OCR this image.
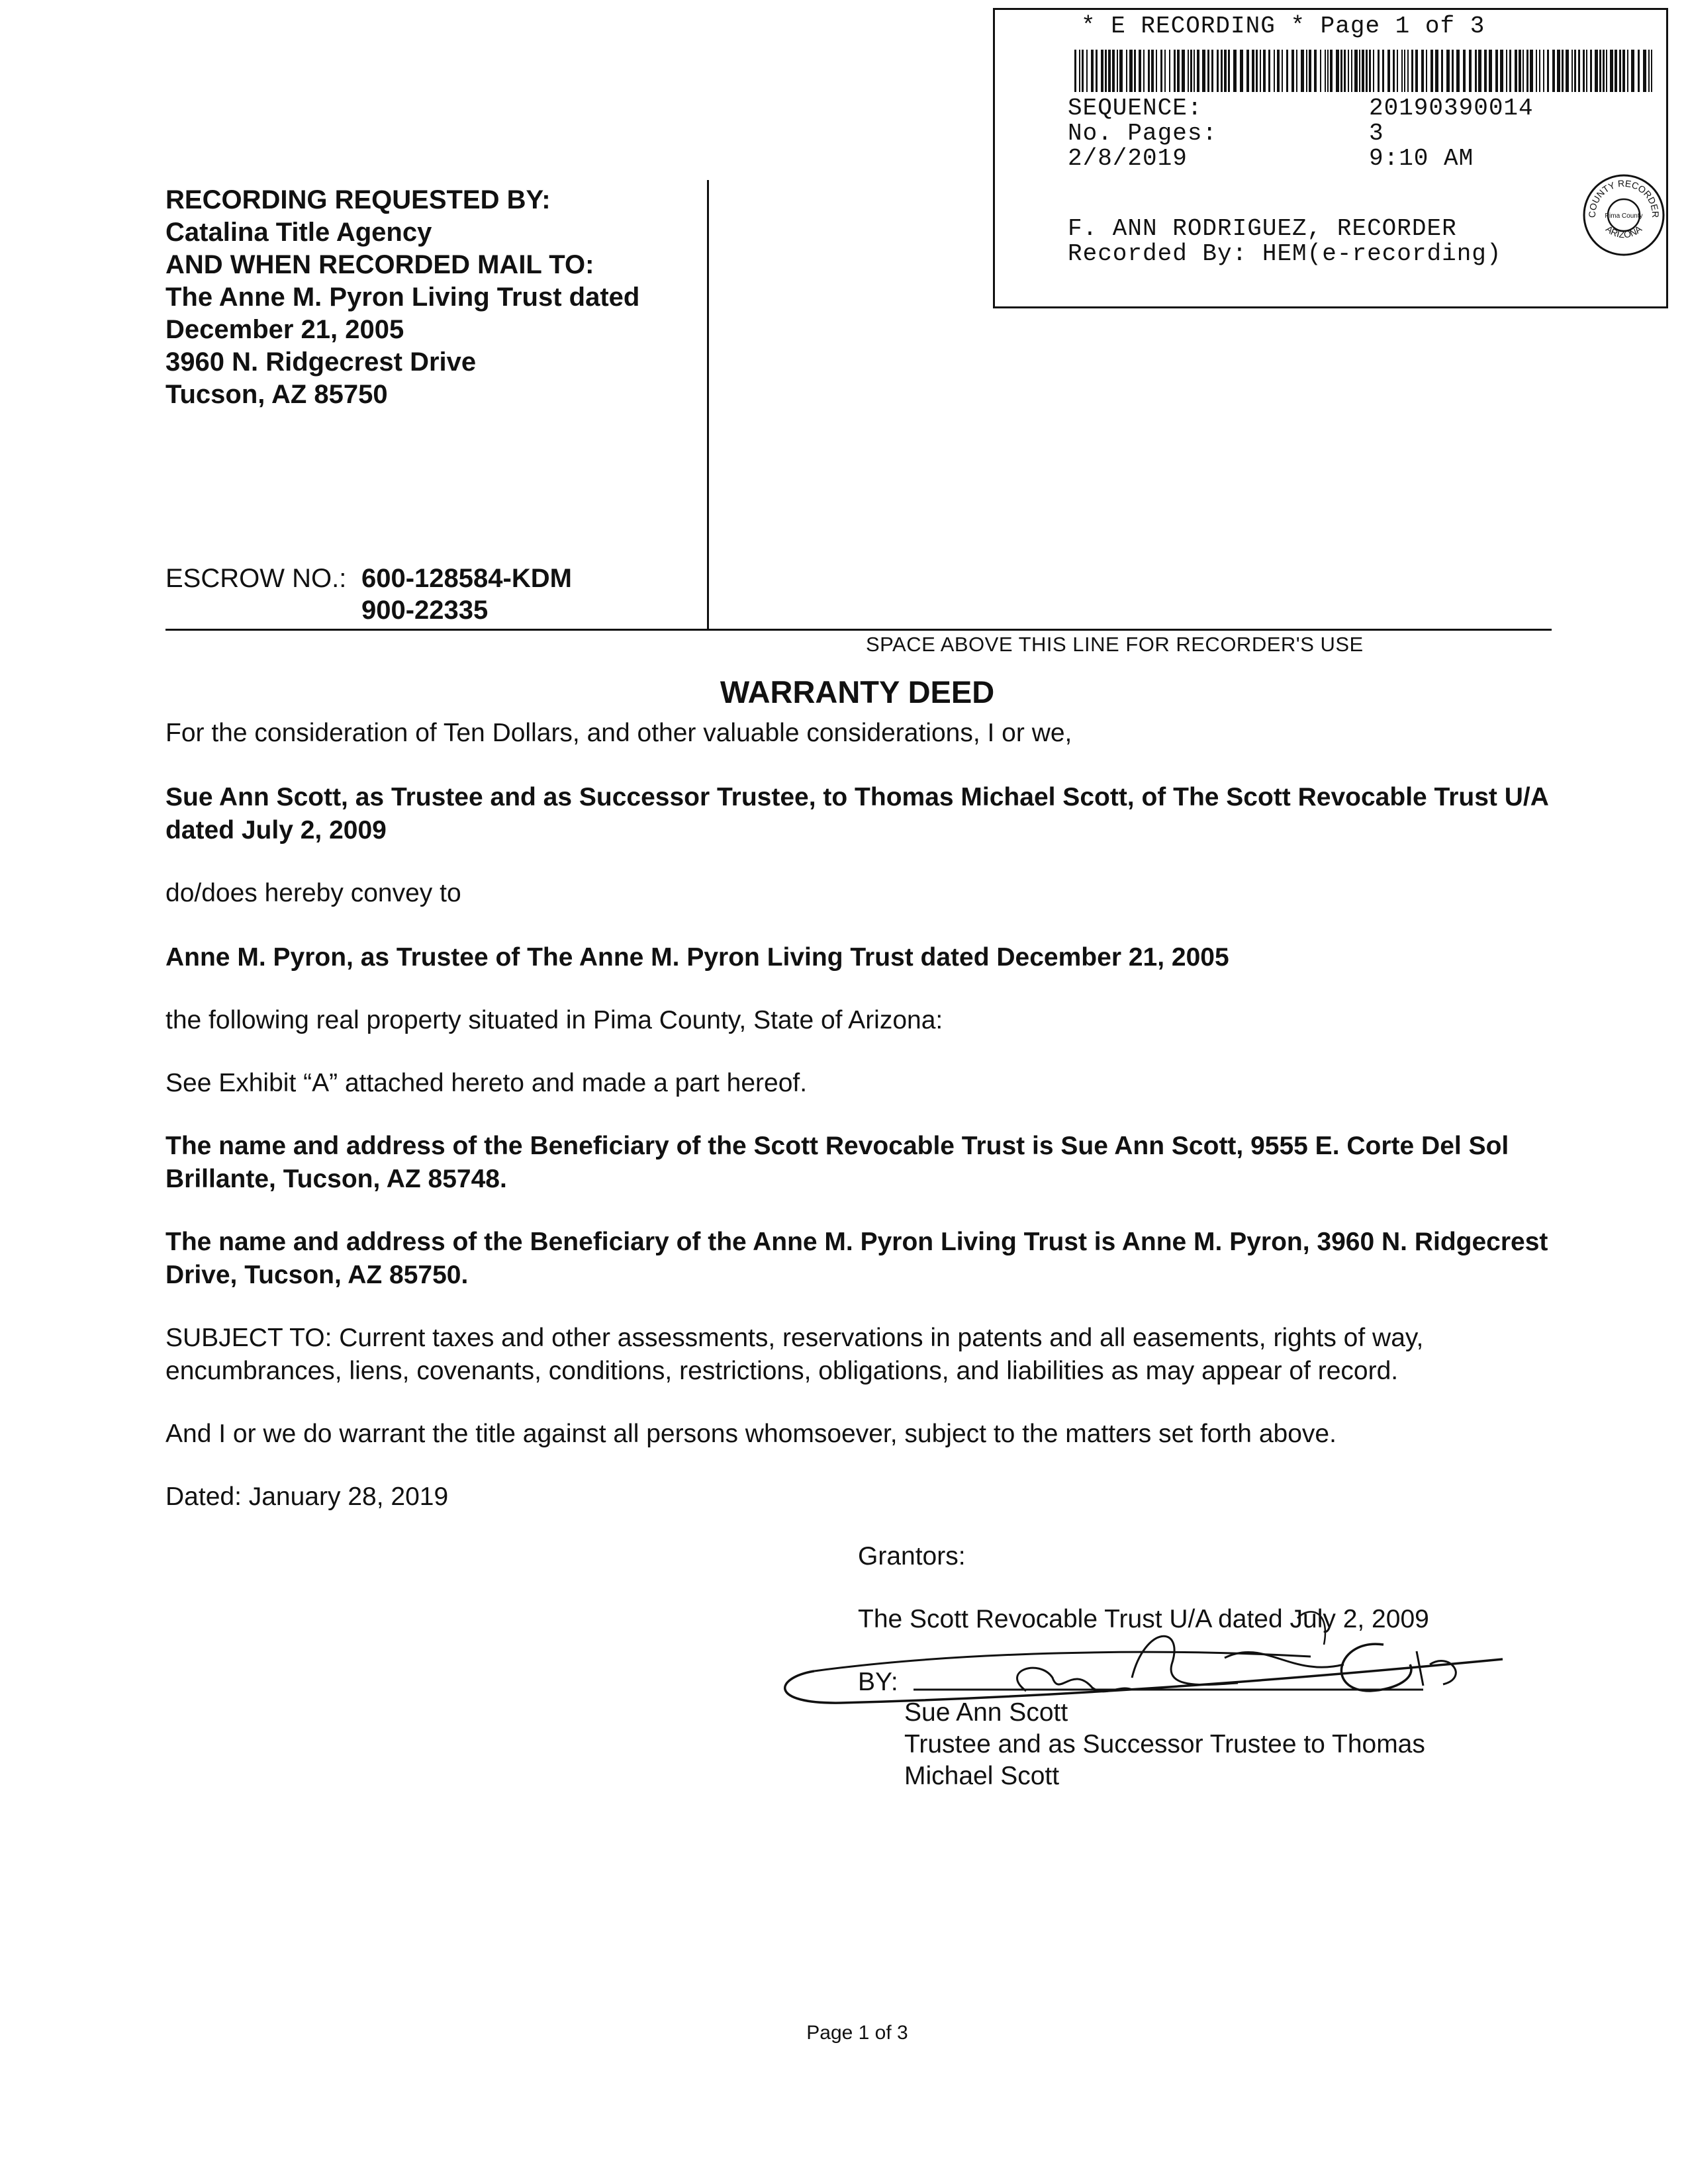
* E RECORDING * Page 1 of 3
SEQUENCE:	20190390014
No. Pages:	3
2/8/2019	9:10 AM
F. ANN RODRIGUEZ, RECORDER
Recorded By: HEM(e-recording)
COUNTY RECORDER
ARIZONA
Pima County
RECORDING REQUESTED BY:
Catalina Title Agency
AND WHEN RECORDED MAIL TO:
The Anne M. Pyron Living Trust dated
December 21, 2005
3960 N. Ridgecrest Drive
Tucson, AZ 85750
ESCROW NO.: 600-128584-KDM
900-22335
SPACE ABOVE THIS LINE FOR RECORDER'S USE
WARRANTY DEED
For the consideration of Ten Dollars, and other valuable considerations, I or we,
Sue Ann Scott, as Trustee and as Successor Trustee, to Thomas Michael Scott, of The Scott Revocable Trust U/A dated July 2, 2009
do/does hereby convey to
Anne M. Pyron, as Trustee of The Anne M. Pyron Living Trust dated December 21, 2005
the following real property situated in Pima County, State of Arizona:
See Exhibit “A” attached hereto and made a part hereof.
The name and address of the Beneficiary of the Scott Revocable Trust is Sue Ann Scott, 9555 E. Corte Del Sol Brillante, Tucson, AZ 85748.
The name and address of the Beneficiary of the Anne M. Pyron Living Trust is Anne M. Pyron, 3960 N. Ridgecrest Drive, Tucson, AZ 85750.
SUBJECT TO: Current taxes and other assessments, reservations in patents and all easements, rights of way, encumbrances, liens, covenants, conditions, restrictions, obligations, and liabilities as may appear of record.
And I or we do warrant the title against all persons whomsoever, subject to the matters set forth above.
Dated: January 28, 2019
Grantors:
The Scott Revocable Trust U/A dated July 2, 2009
BY:
Sue Ann Scott
Trustee and as Successor Trustee to Thomas
Michael Scott
Page 1 of 3
